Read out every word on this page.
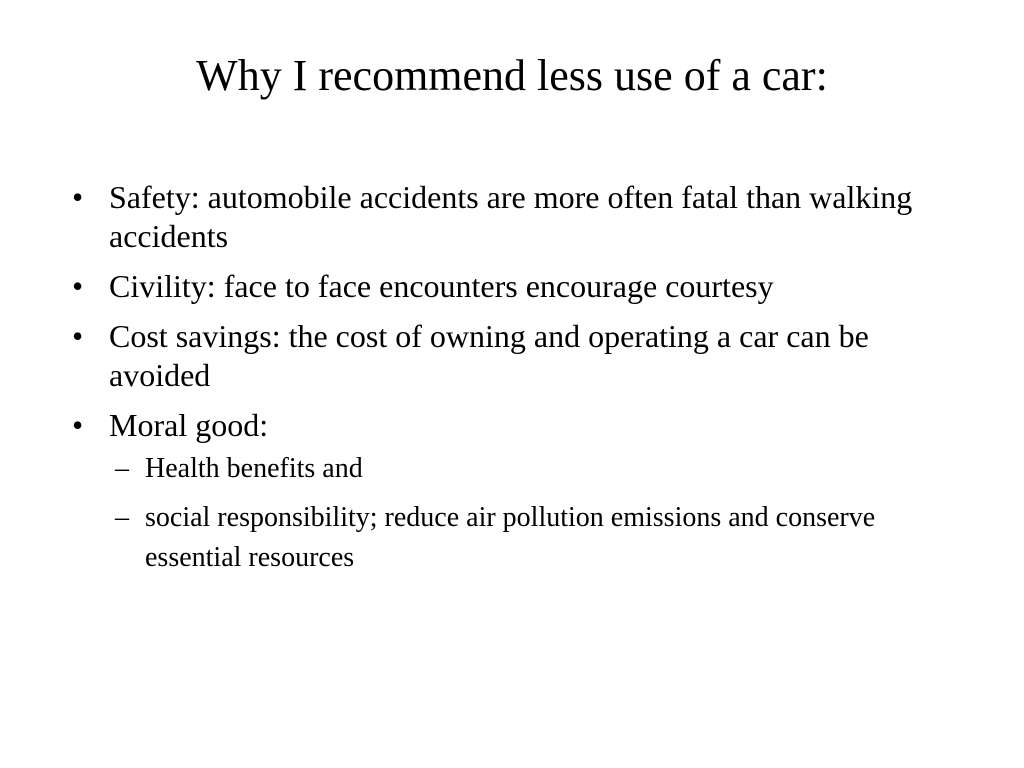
Why I recommend less use of a car:
• Safety: automobile accidents are more often fatal than walking accidents
• Civility: face to face encounters encourage courtesy
• Cost savings: the cost of owning and operating a car can be avoided
• Moral good:
– Health benefits and
– social responsibility; reduce air pollution emissions and conserve essential resources
